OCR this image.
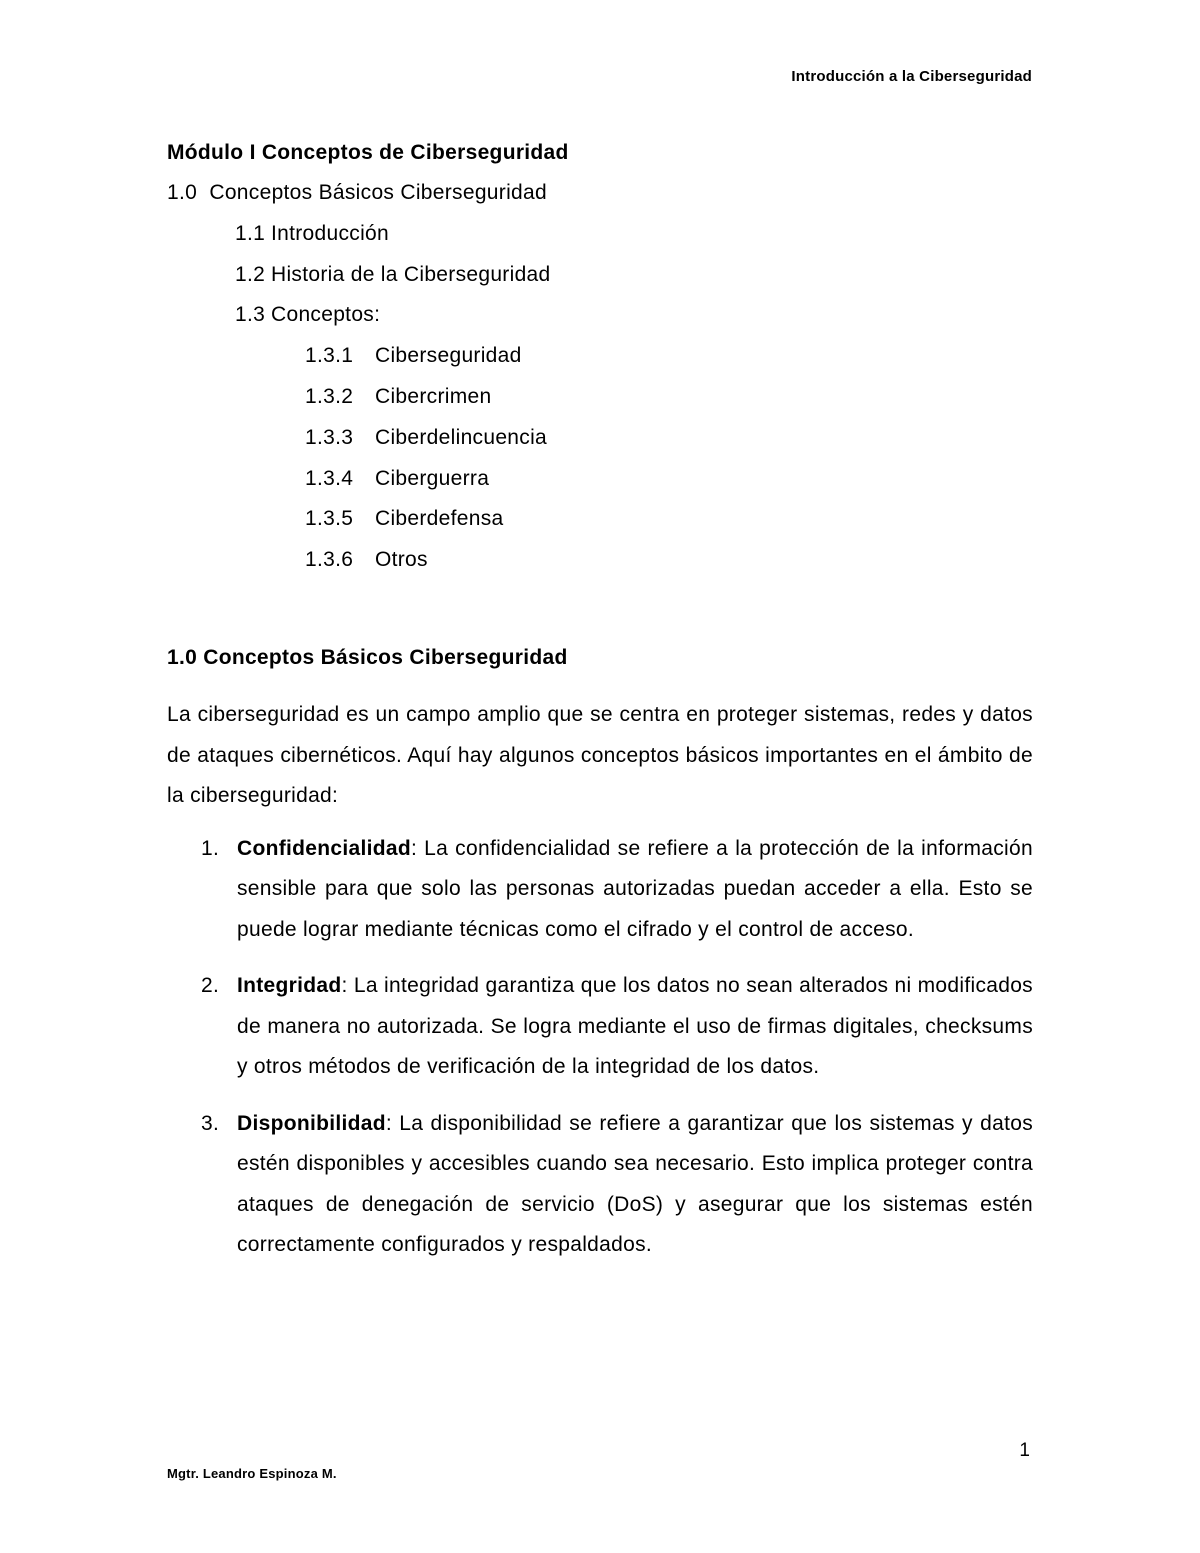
Introducción a la Ciberseguridad
Módulo I Conceptos de Ciberseguridad
1.0  Conceptos Básicos Ciberseguridad
1.1 Introducción
1.2 Historia de la Ciberseguridad
1.3 Conceptos:
1.3.1 Ciberseguridad
1.3.2 Cibercrimen
1.3.3 Ciberdelincuencia
1.3.4 Ciberguerra
1.3.5 Ciberdefensa
1.3.6 Otros
1.0 Conceptos Básicos Ciberseguridad

La ciberseguridad es un campo amplio que se centra en proteger sistemas, redes y datos de ataques cibernéticos. Aquí hay algunos conceptos básicos importantes en el ámbito de la ciberseguridad:

1. Confidencialidad: La confidencialidad se refiere a la protección de la información sensible para que solo las personas autorizadas puedan acceder a ella. Esto se puede lograr mediante técnicas como el cifrado y el control de acceso.
2. Integridad: La integridad garantiza que los datos no sean alterados ni modificados de manera no autorizada. Se logra mediante el uso de firmas digitales, checksums y otros métodos de verificación de la integridad de los datos.
3. Disponibilidad: La disponibilidad se refiere a garantizar que los sistemas y datos estén disponibles y accesibles cuando sea necesario. Esto implica proteger contra ataques de denegación de servicio (DoS) y asegurar que los sistemas estén correctamente configurados y respaldados.
1
Mgtr. Leandro Espinoza M.
